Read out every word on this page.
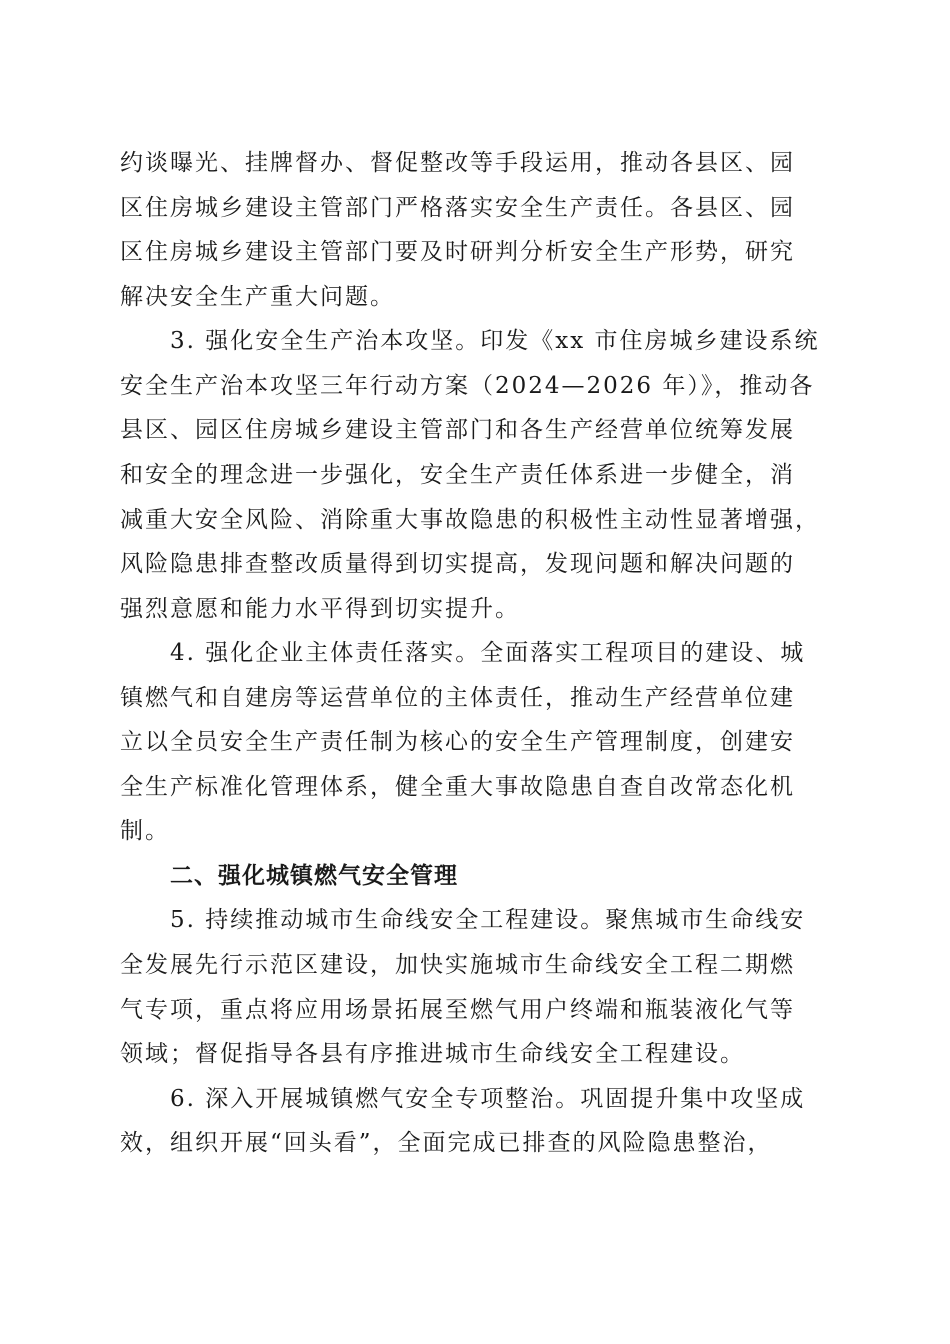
约谈曝光、挂牌督办、督促整改等手段运用，推动各县区、园
区住房城乡建设主管部门严格落实安全生产责任。各县区、园
区住房城乡建设主管部门要及时研判分析安全生产形势，研究
解决安全生产重大问题。
3. 强化安全生产治本攻坚。印发《xx 市住房城乡建设系统
安全生产治本攻坚三年行动方案（2024—2026 年）》，推动各
县区、园区住房城乡建设主管部门和各生产经营单位统筹发展
和安全的理念进一步强化，安全生产责任体系进一步健全，消
减重大安全风险、消除重大事故隐患的积极性主动性显著增强，
风险隐患排查整改质量得到切实提高，发现问题和解决问题的
强烈意愿和能力水平得到切实提升。
4. 强化企业主体责任落实。全面落实工程项目的建设、城
镇燃气和自建房等运营单位的主体责任，推动生产经营单位建
立以全员安全生产责任制为核心的安全生产管理制度，创建安
全生产标准化管理体系，健全重大事故隐患自查自改常态化机
制。
二、强化城镇燃气安全管理
5. 持续推动城市生命线安全工程建设。聚焦城市生命线安
全发展先行示范区建设，加快实施城市生命线安全工程二期燃
气专项，重点将应用场景拓展至燃气用户终端和瓶装液化气等
领域；督促指导各县有序推进城市生命线安全工程建设。
6. 深入开展城镇燃气安全专项整治。巩固提升集中攻坚成
效，组织开展“回头看”，全面完成已排查的风险隐患整治，
